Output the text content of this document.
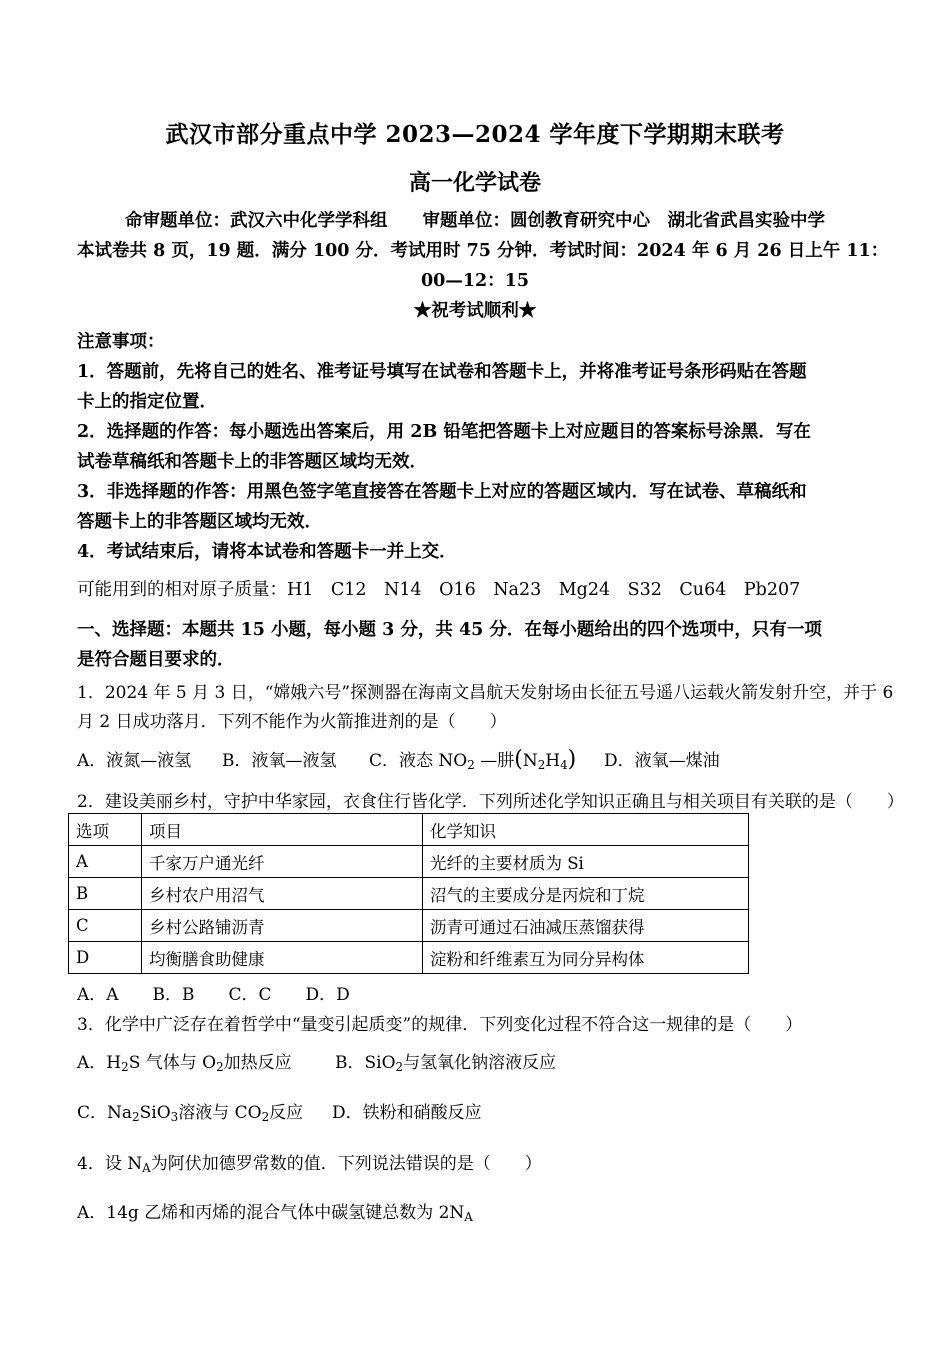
武汉市部分重点中学 2023—2024 学年度下学期期末联考
高一化学试卷
命审题单位：武汉六中化学学科组　　审题单位：圆创教育研究中心　湖北省武昌实验中学
本试卷共 8 页，19 题．满分 100 分．考试用时 75 分钟．考试时间：2024 年 6 月 26 日上午 11：
00—12：15
★祝考试顺利★
注意事项：
1．答题前，先将自己的姓名、准考证号填写在试卷和答题卡上，并将准考证号条形码贴在答题
卡上的指定位置．
2．选择题的作答：每小题选出答案后，用 2B 铅笔把答题卡上对应题目的答案标号涂黑．写在
试卷草稿纸和答题卡上的非答题区域均无效．
3．非选择题的作答：用黑色签字笔直接答在答题卡上对应的答题区域内．写在试卷、草稿纸和
答题卡上的非答题区域均无效．
4．考试结束后，请将本试卷和答题卡一并上交．
可能用到的相对原子质量：H1　C12　N14　O16　Na23　Mg24　S32　Cu64　Pb207
一、选择题：本题共 15 小题，每小题 3 分，共 45 分．在每小题给出的四个选项中，只有一项
是符合题目要求的．
1．2024 年 5 月 3 日，“嫦娥六号”探测器在海南文昌航天发射场由长征五号遥八运载火箭发射升空，并于 6
月 2 日成功落月．下列不能作为火箭推进剂的是（　　）
A．液氮—液氢 B．液氧—液氢 C．液态 $NO_2$ —肼$(N_2H_4)$ D．液氧—煤油
2．建设美丽乡村，守护中华家园，衣食住行皆化学．下列所述化学知识正确且与相关项目有关联的是（　　）
选项	项目	化学知识
A	千家万户通光纤	光纤的主要材质为 Si
B	乡村农户用沼气	沼气的主要成分是丙烷和丁烷
C	乡村公路铺沥青	沥青可通过石油减压蒸馏获得
D	均衡膳食助健康	淀粉和纤维素互为同分异构体
A．A　　B．B　　C．C　　D．D
3．化学中广泛存在着哲学中“量变引起质变”的规律．下列变化过程不符合这一规律的是（　　）
A．$H_2S$ 气体与 $O_2$加热反应	B．SiO$_2$与氢氧化钠溶液反应
C．$Na_2SiO_3$溶液与 $CO_2$反应 D．铁粉和硝酸反应
4．设 $N_A$为阿伏加德罗常数的值．下列说法错误的是（　　）
A．14g 乙烯和丙烯的混合气体中碳氢键总数为 $2N_A$
